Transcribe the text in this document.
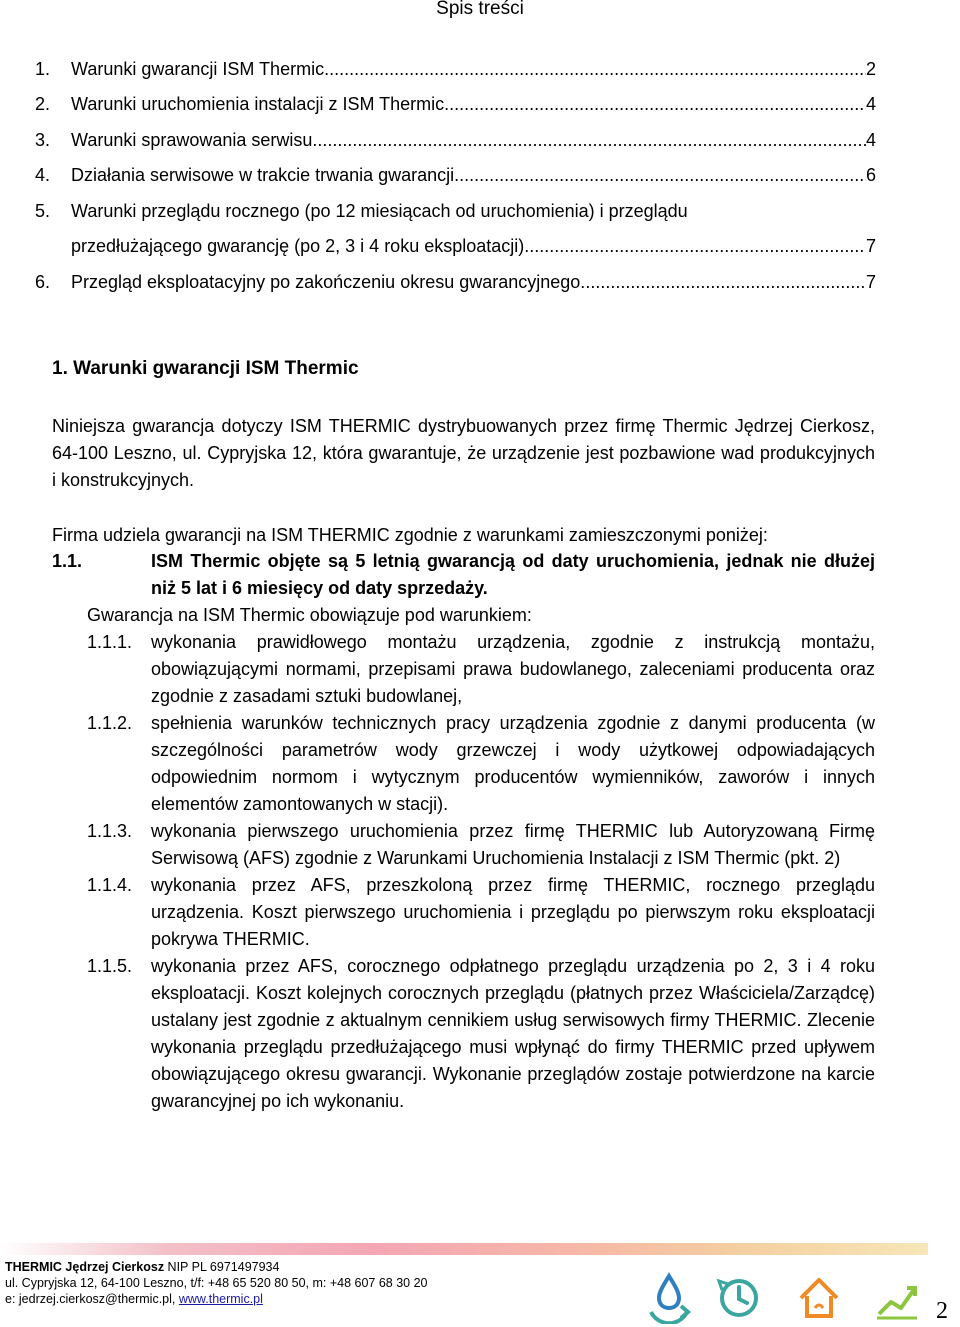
Spis treści
1.	Warunki gwarancji ISM Thermic .....	2
2.	Warunki uruchomienia instalacji z ISM Thermic. .....	4
3.	Warunki sprawowania serwisu .....	4
4.	Działania serwisowe w trakcie trwania gwarancji .....	6
5.	Warunki przeglądu rocznego (po 12 miesiącach od uruchomienia) i przeglądu
przedłużającego gwarancję (po 2, 3 i 4 roku eksploatacji) .....	7
6.	Przegląd eksploatacyjny po zakończeniu okresu gwarancyjnego. .....	7
1. Warunki gwarancji ISM Thermic
Niniejsza gwarancja dotyczy ISM THERMIC dystrybuowanych przez firmę Thermic Jędrzej Cierkosz, 64-100 Leszno, ul. Cypryjska 12, która gwarantuje, że urządzenie jest pozbawione wad produkcyjnych i konstrukcyjnych.
Firma udziela gwarancji na ISM THERMIC zgodnie z warunkami zamieszczonymi poniżej:
1.1.	ISM Thermic objęte są 5 letnią gwarancją od daty uruchomienia, jednak nie dłużej niż 5 lat i 6 miesięcy od daty sprzedaży.
Gwarancja na ISM Thermic obowiązuje pod warunkiem:
1.1.1.	wykonania prawidłowego montażu urządzenia, zgodnie z instrukcją montażu, obowiązującymi normami, przepisami prawa budowlanego, zaleceniami producenta oraz zgodnie z zasadami sztuki budowlanej,
1.1.2.	spełnienia warunków technicznych pracy urządzenia zgodnie z danymi producenta (w szczególności parametrów wody grzewczej i wody użytkowej odpowiadających odpowiednim normom i wytycznym producentów wymienników, zaworów i innych elementów zamontowanych w stacji).
1.1.3.	wykonania pierwszego uruchomienia przez firmę THERMIC lub Autoryzowaną Firmę Serwisową (AFS) zgodnie z Warunkami Uruchomienia Instalacji z ISM Thermic (pkt. 2)
1.1.4.	wykonania przez AFS, przeszkoloną przez firmę THERMIC, rocznego przeglądu urządzenia. Koszt pierwszego uruchomienia i przeglądu po pierwszym roku eksploatacji pokrywa THERMIC.
1.1.5.	wykonania przez AFS, corocznego odpłatnego przeglądu urządzenia po 2, 3 i 4 roku eksploatacji. Koszt kolejnych corocznych przeglądu (płatnych przez Właściciela/Zarządcę) ustalany jest zgodnie z aktualnym cennikiem usług serwisowych firmy THERMIC. Zlecenie wykonania przeglądu przedłużającego musi wpłynąć do firmy THERMIC przed upływem obowiązującego okresu gwarancji. Wykonanie przeglądów zostaje potwierdzone na karcie gwarancyjnej po ich wykonaniu.
THERMIC Jędrzej Cierkosz NIP PL 6971497934
ul. Cypryjska 12, 64-100 Leszno, t/f: +48 65 520 80 50, m: +48 607 68 30 20
e: jedrzej.cierkosz@thermic.pl, www.thermic.pl	2
